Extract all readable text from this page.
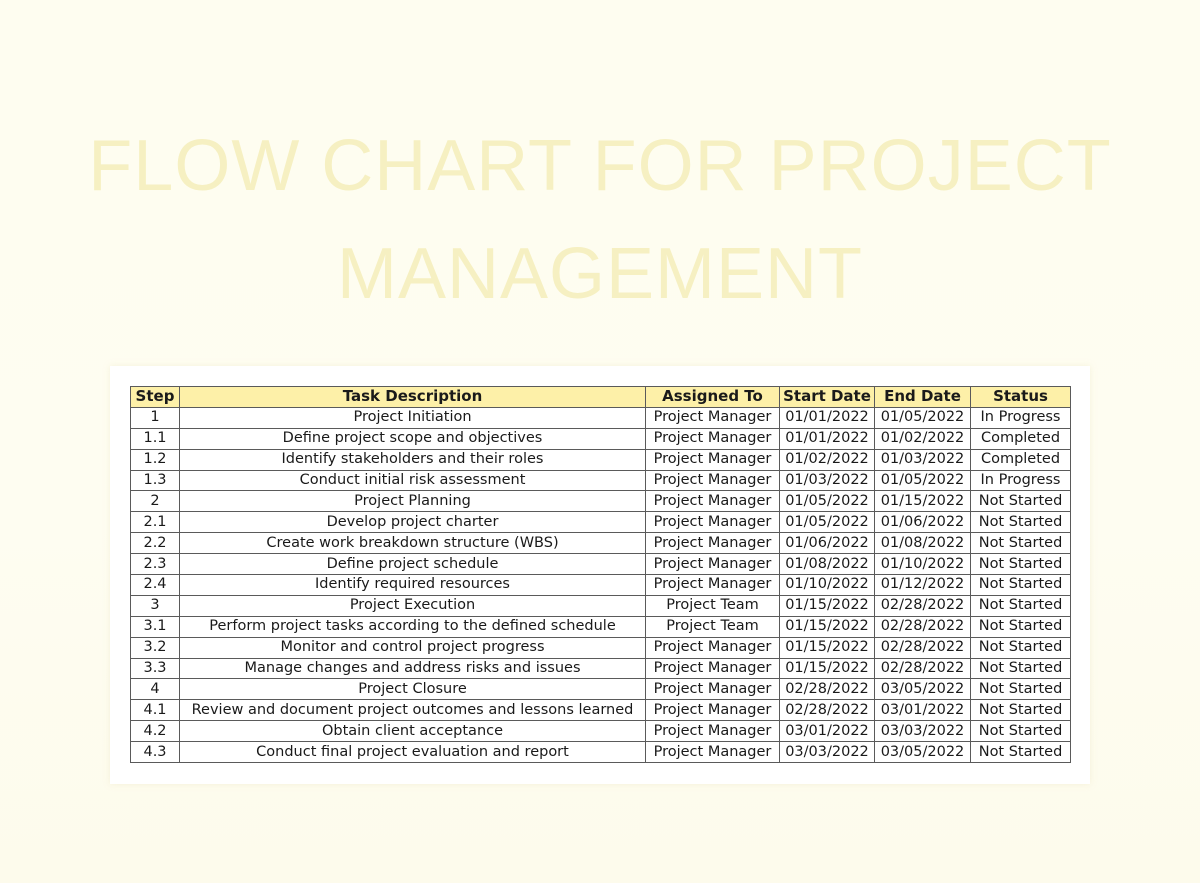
FLOW CHART FOR PROJECT
MANAGEMENT
Step	Task Description	Assigned To	Start Date	End Date	Status
1	Project Initiation	Project Manager	01/01/2022	01/05/2022	In Progress
1.1	Define project scope and objectives	Project Manager	01/01/2022	01/02/2022	Completed
1.2	Identify stakeholders and their roles	Project Manager	01/02/2022	01/03/2022	Completed
1.3	Conduct initial risk assessment	Project Manager	01/03/2022	01/05/2022	In Progress
2	Project Planning	Project Manager	01/05/2022	01/15/2022	Not Started
2.1	Develop project charter	Project Manager	01/05/2022	01/06/2022	Not Started
2.2	Create work breakdown structure (WBS)	Project Manager	01/06/2022	01/08/2022	Not Started
2.3	Define project schedule	Project Manager	01/08/2022	01/10/2022	Not Started
2.4	Identify required resources	Project Manager	01/10/2022	01/12/2022	Not Started
3	Project Execution	Project Team	01/15/2022	02/28/2022	Not Started
3.1	Perform project tasks according to the defined schedule	Project Team	01/15/2022	02/28/2022	Not Started
3.2	Monitor and control project progress	Project Manager	01/15/2022	02/28/2022	Not Started
3.3	Manage changes and address risks and issues	Project Manager	01/15/2022	02/28/2022	Not Started
4	Project Closure	Project Manager	02/28/2022	03/05/2022	Not Started
4.1	Review and document project outcomes and lessons learned	Project Manager	02/28/2022	03/01/2022	Not Started
4.2	Obtain client acceptance	Project Manager	03/01/2022	03/03/2022	Not Started
4.3	Conduct final project evaluation and report	Project Manager	03/03/2022	03/05/2022	Not Started
